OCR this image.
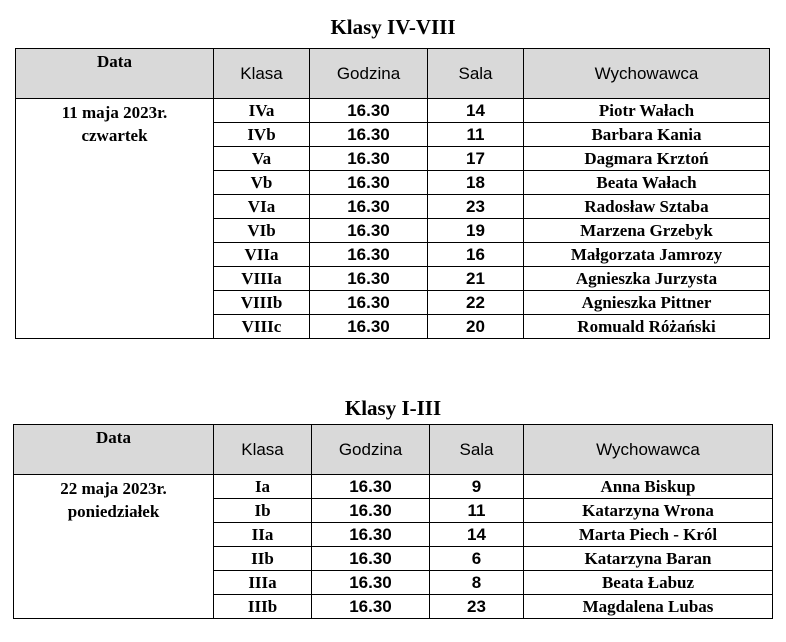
Klasy IV-VIII
Data	Klasa	Godzina	Sala	Wychowawca

11 maja 2023r.
czwartek	IVa	16.30	14	Piotr Wałach
	IVb	16.30	11	Barbara Kania
	Va	16.30	17	Dagmara Krztoń
	Vb	16.30	18	Beata Wałach
	VIa	16.30	23	Radosław Sztaba
	VIb	16.30	19	Marzena Grzebyk
	VIIa	16.30	16	Małgorzata Jamrozy
	VIIIa	16.30	21	Agnieszka Jurzysta
	VIIIb	16.30	22	Agnieszka Pittner
	VIIIc	16.30	20	Romuald Różański
Klasy I-III
Data	Klasa	Godzina	Sala	Wychowawca

22 maja 2023r.
poniedziałek	Ia	16.30	9	Anna Biskup
	Ib	16.30	11	Katarzyna Wrona
	IIa	16.30	14	Marta Piech - Król
	IIb	16.30	6	Katarzyna Baran
	IIIa	16.30	8	Beata Łabuz
	IIIb	16.30	23	Magdalena Lubas
